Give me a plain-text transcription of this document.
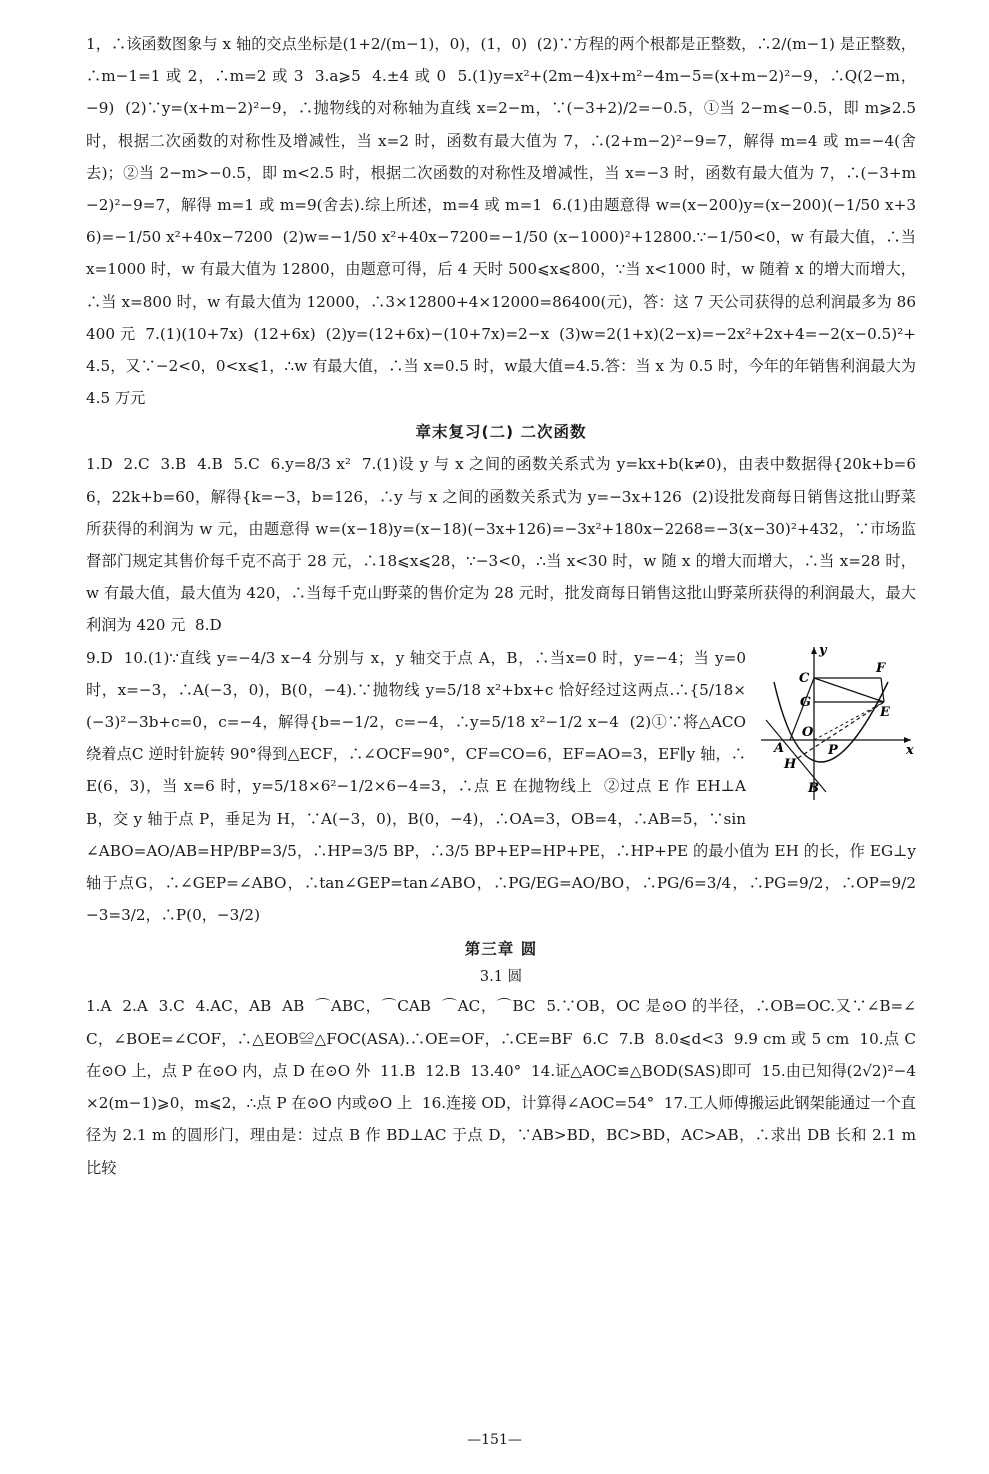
1，∴该函数图象与 x 轴的交点坐标是(1+2/(m−1)，0)，(1，0)  (2)∵方程的两个根都是正整数，∴2/(m−1) 是正整数，∴m−1=1 或 2，∴m=2 或 3  3.a⩾5  4.±4 或 0  5.(1)y=x²+(2m−4)x+m²−4m−5=(x+m−2)²−9，∴Q(2−m，−9)  (2)∵y=(x+m−2)²−9，∴抛物线的对称轴为直线 x=2−m，∵(−3+2)/2=−0.5，①当 2−m⩽−0.5，即 m⩾2.5 时，根据二次函数的对称性及增减性，当 x=2 时，函数有最大值为 7，∴(2+m−2)²−9=7，解得 m=4 或 m=−4(舍去)；②当 2−m>−0.5，即 m<2.5 时，根据二次函数的对称性及增减性，当 x=−3 时，函数有最大值为 7，∴(−3+m−2)²−9=7，解得 m=1 或 m=9(舍去).综上所述，m=4 或 m=1  6.(1)由题意得 w=(x−200)y=(x−200)(−1/50 x+36)=−1/50 x²+40x−7200  (2)w=−1/50 x²+40x−7200=−1/50 (x−1000)²+12800.∵−1/50<0，w 有最大值，∴当 x=1000 时，w 有最大值为 12800，由题意可得，后 4 天时 500⩽x⩽800，∵当 x<1000 时，w 随着 x 的增大而增大，∴当 x=800 时，w 有最大值为 12000，∴3×12800+4×12000=86400(元)，答：这 7 天公司获得的总利润最多为 86400 元  7.(1)(10+7x)  (12+6x)  (2)y=(12+6x)−(10+7x)=2−x  (3)w=2(1+x)(2−x)=−2x²+2x+4=−2(x−0.5)²+4.5，又∵−2<0，0<x⩽1，∴w 有最大值，∴当 x=0.5 时，w最大值=4.5.答：当 x 为 0.5 时，今年的年销售利润最大为 4.5 万元

章末复习(二) 二次函数

1.D  2.C  3.B  4.B  5.C  6.y=8/3 x²  7.(1)设 y 与 x 之间的函数关系式为 y=kx+b(k≠0)，由表中数据得{20k+b=66，22k+b=60，解得{k=−3，b=126，∴y 与 x 之间的函数关系式为 y=−3x+126  (2)设批发商每日销售这批山野菜所获得的利润为 w 元，由题意得 w=(x−18)y=(x−18)(−3x+126)=−3x²+180x−2268=−3(x−30)²+432，∵市场监督部门规定其售价每千克不高于 28 元，∴18⩽x⩽28，∵−3<0，∴当 x<30 时，w 随 x 的增大而增大，∴当 x=28 时，w 有最大值，最大值为 420，∴当每千克山野菜的售价定为 28 元时，批发商每日销售这批山野菜所获得的利润最大，最大利润为 420 元  8.D

y
x
C
F
G
E
O
A	P
H
B

9.D  10.(1)∵直线 y=−4/3 x−4 分别与 x，y 轴交于点 A，B，∴当x=0 时，y=−4；当 y=0 时，x=−3，∴A(−3，0)，B(0，−4).∵抛物线 y=5/18 x²+bx+c 恰好经过这两点.∴{5/18×(−3)²−3b+c=0，c=−4，解得{b=−1/2，c=−4，∴y=5/18 x²−1/2 x−4  (2)①∵将△ACO 绕着点C 逆时针旋转 90°得到△ECF，∴∠OCF=90°，CF=CO=6，EF=AO=3，EF∥y 轴，∴E(6，3)，当 x=6 时，y=5/18×6²−1/2×6−4=3，∴点 E 在抛物线上  ②过点 E 作 EH⊥AB，交 y 轴于点 P，垂足为 H，∵A(−3，0)，B(0，−4)，∴OA=3，OB=4，∴AB=5，∵sin∠ABO=AO/AB=HP/BP=3/5，∴HP=3/5 BP，∴3/5 BP+EP=HP+PE，∴HP+PE 的最小值为 EH 的长，作 EG⊥y 轴于点G，∴∠GEP=∠ABO，∴tan∠GEP=tan∠ABO，∴PG/EG=AO/BO，∴PG/6=3/4，∴PG=9/2，∴OP=9/2−3=3/2，∴P(0，−3/2)

第三章 圆
3.1 圆

1.A  2.A  3.C  4.AC，AB  AB  ⌒ABC，⌒CAB  ⌒AC，⌒BC  5.∵OB，OC 是⊙O 的半径，∴OB=OC.又∵∠B=∠C，∠BOE=∠COF，∴△EOB≌△FOC(ASA).∴OE=OF，∴CE=BF  6.C  7.B  8.0⩽d<3  9.9 cm 或 5 cm  10.点 C 在⊙O 上，点 P 在⊙O 内，点 D 在⊙O 外  11.B  12.B  13.40°  14.证△AOC≌△BOD(SAS)即可  15.由已知得(2√2)²−4×2(m−1)⩾0，m⩽2，∴点 P 在⊙O 内或⊙O 上  16.连接 OD，计算得∠AOC=54°  17.工人师傅搬运此钢架能通过一个直径为 2.1 m 的圆形门，理由是：过点 B 作 BD⊥AC 于点 D，∵AB>BD，BC>BD，AC>AB，∴求出 DB 长和 2.1 m 比较

—151—
